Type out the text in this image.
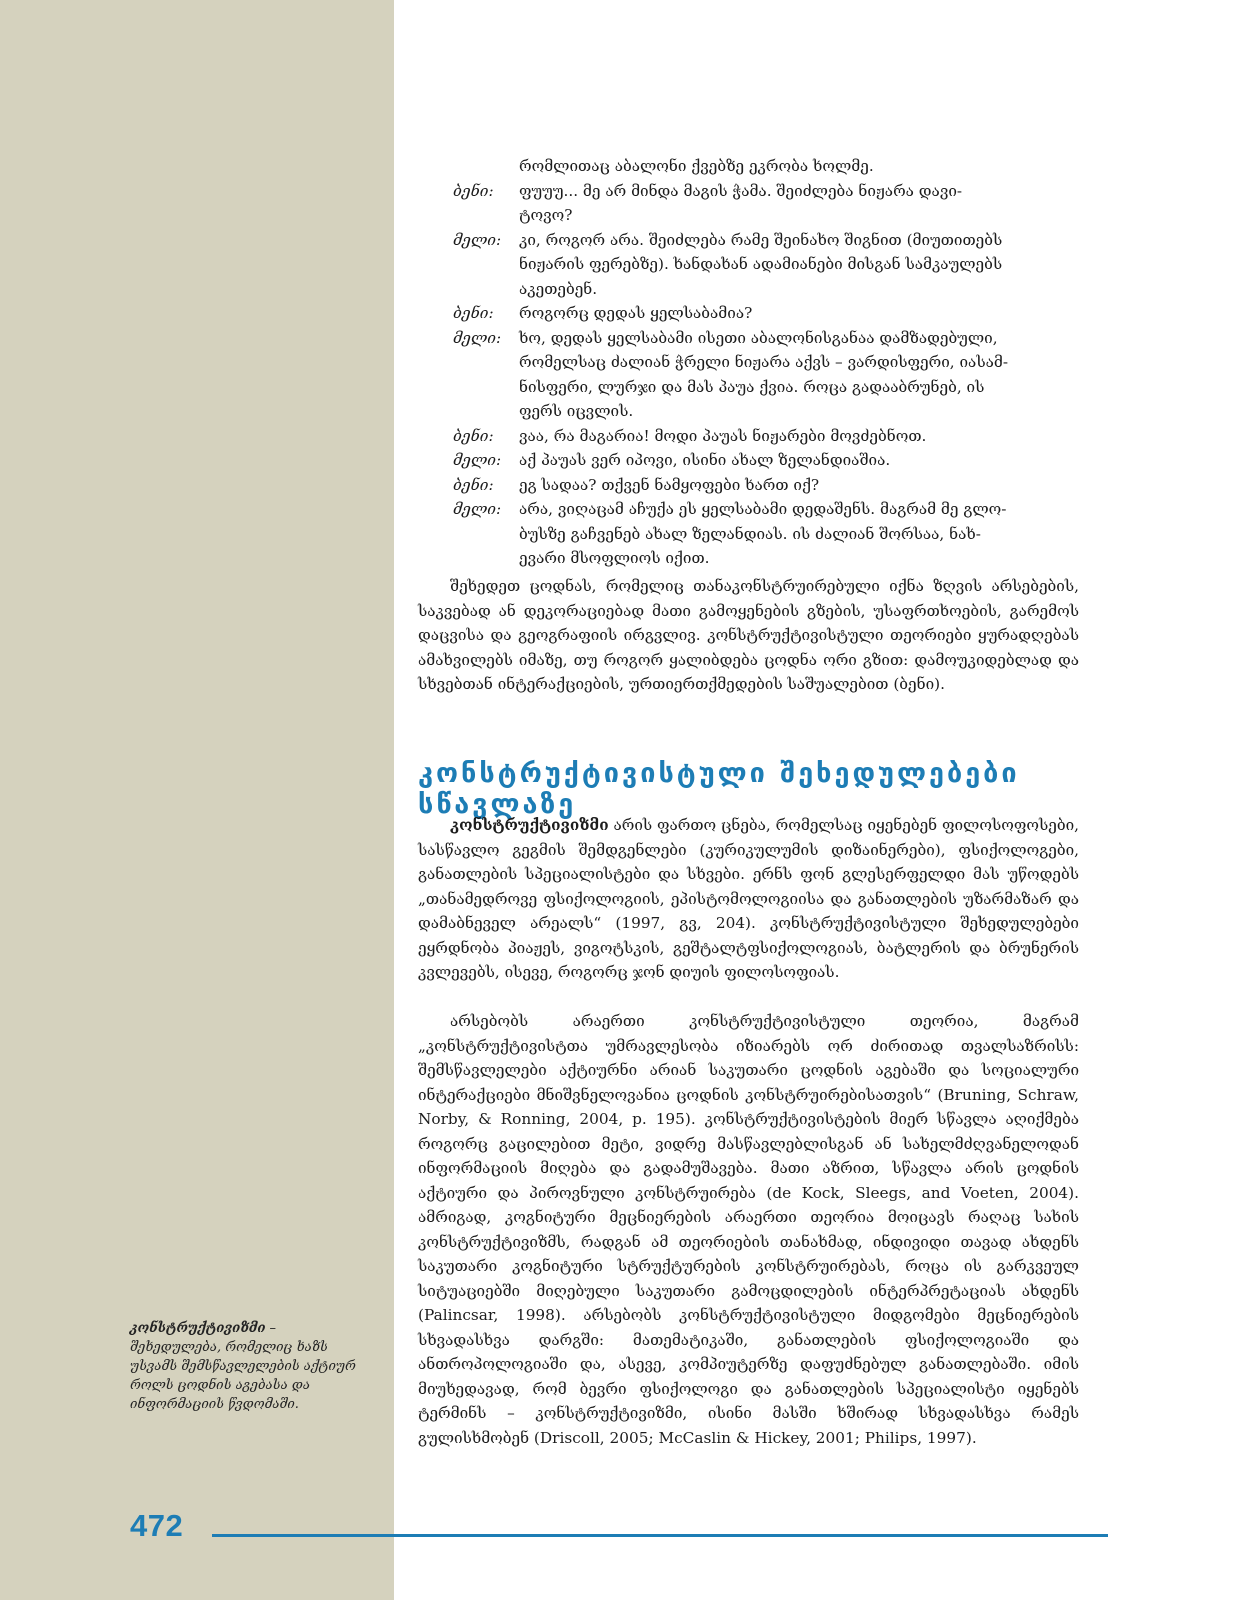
რომლითაც აბალონი ქვებზე ეკრობა ხოლმე.
ბენი:	ფუუუ... მე არ მინდა მაგის ჭამა. შეიძლება ნიჟარა დავი-
ტოვო?
მელი:	კი, როგორ არა. შეიძლება რამე შეინახო შიგნით (მიუთითებს
ნიჟარის ფერებზე). ხანდახან ადამიანები მისგან სამკაულებს
აკეთებენ.
ბენი:	როგორც დედას ყელსაბამია?
მელი:	ხო, დედას ყელსაბამი ისეთი აბალონისგანაა დამზადებული,
რომელსაც ძალიან ჭრელი ნიჟარა აქვს – ვარდისფერი, იასამ-
ნისფერი, ლურჯი და მას პაუა ქვია. როცა გადააბრუნებ, ის
ფერს იცვლის.
ბენი:	ვაა, რა მაგარია! მოდი პაუას ნიჟარები მოვძებნოთ.
მელი:	აქ პაუას ვერ იპოვი, ისინი ახალ ზელანდიაშია.
ბენი:	ეგ სადაა? თქვენ ნამყოფები ხართ იქ?
მელი:	არა, ვიღაცამ აჩუქა ეს ყელსაბამი დედაშენს. მაგრამ მე გლო-
ბუსზე გაჩვენებ ახალ ზელანდიას. ის ძალიან შორსაა, ნახ-
ევარი მსოფლიოს იქით.
შეხედეთ ცოდნას, რომელიც თანაკონსტრუირებული იქნა ზღვის არსებების, საკვებად ან დეკორაციებად მათი გამოყენების გზების, უსაფრთხოების, გარემოს დაცვისა და გეოგრაფიის ირგვლივ. კონსტრუქტივისტული თეორიები ყურადღებას ამახვილებს იმაზე, თუ როგორ ყალიბდება ცოდნა ორი გზით: დამოუკიდებლად და სხვებთან ინტერაქციების, ურთიერთქმედების საშუალებით (ბენი).
კონსტრუქტივისტული შეხედულებები სწავლაზე
კონსტრუქტივიზმი არის ფართო ცნება, რომელსაც იყენებენ ფილოსოფოსები, სასწავლო გეგმის შემდგენლები (კურიკულუმის დიზაინერები), ფსიქოლოგები, განათლების სპეციალისტები და სხვები. ერნს ფონ გლესერფელდი მას უწოდებს „თანამედროვე ფსიქოლოგიის, ეპისტომოლოგიისა და განათლების უზარმაზარ და დამაბნეველ არეალს“ (1997, გვ, 204). კონსტრუქტივისტული შეხედულებები ეყრდნობა პიაჟეს, ვიგოტსკის, გეშტალტფსიქოლოგიას, ბატლერის და ბრუნერის კვლევებს, ისევე, როგორც ჯონ დიუის ფილოსოფიას.
არსებობს არაერთი კონსტრუქტივისტული თეორია, მაგრამ „კონსტრუქტივისტთა უმრავლესობა იზიარებს ორ ძირითად თვალსაზრისს: შემსწავლელები აქტიურნი არიან საკუთარი ცოდნის აგებაში და სოციალური ინტერაქციები მნიშვნელოვანია ცოდნის კონსტრუირებისათვის“ (Bruning, Schraw, Norby, & Ronning, 2004, p. 195). კონსტრუქტივისტების მიერ სწავლა აღიქმება როგორც გაცილებით მეტი, ვიდრე მასწავლებლისგან ან სახელმძღვანელოდან ინფორმაციის მიღება და გადამუშავება. მათი აზრით, სწავლა არის ცოდნის აქტიური და პიროვნული კონსტრუირება (de Kock, Sleegs, and Voeten, 2004). ამრიგად, კოგნიტური მეცნიერების არაერთი თეორია მოიცავს რაღაც სახის კონსტრუქტივიზმს, რადგან ამ თეორიების თანახმად, ინდივიდი თავად ახდენს საკუთარი კოგნიტური სტრუქტურების კონსტრუირებას, როცა ის გარკვეულ სიტუაციებში მიღებული საკუთარი გამოცდილების ინტერპრეტაციას ახდენს (Palincsar, 1998). არსებობს კონსტრუქტივისტული მიდგომები მეცნიერების სხვადასხვა დარგში: მათემატიკაში, განათლების ფსიქოლოგიაში და ანთროპოლოგიაში და, ასევე, კომპიუტერზე დაფუძნებულ განათლებაში. იმის მიუხედავად, რომ ბევრი ფსიქოლოგი და განათლების სპეციალისტი იყენებს ტერმინს – კონსტრუქტივიზმი, ისინი მასში ხშირად სხვადასხვა რამეს გულისხმობენ (Driscoll, 2005; McCaslin & Hickey, 2001; Philips, 1997).
კონსტრუქტივიზმი – შეხედულება, რომელიც ხაზს უსვამს შემსწავლელების აქტიურ როლს ცოდნის აგებასა და ინფორმაციის წვდომაში.
472
